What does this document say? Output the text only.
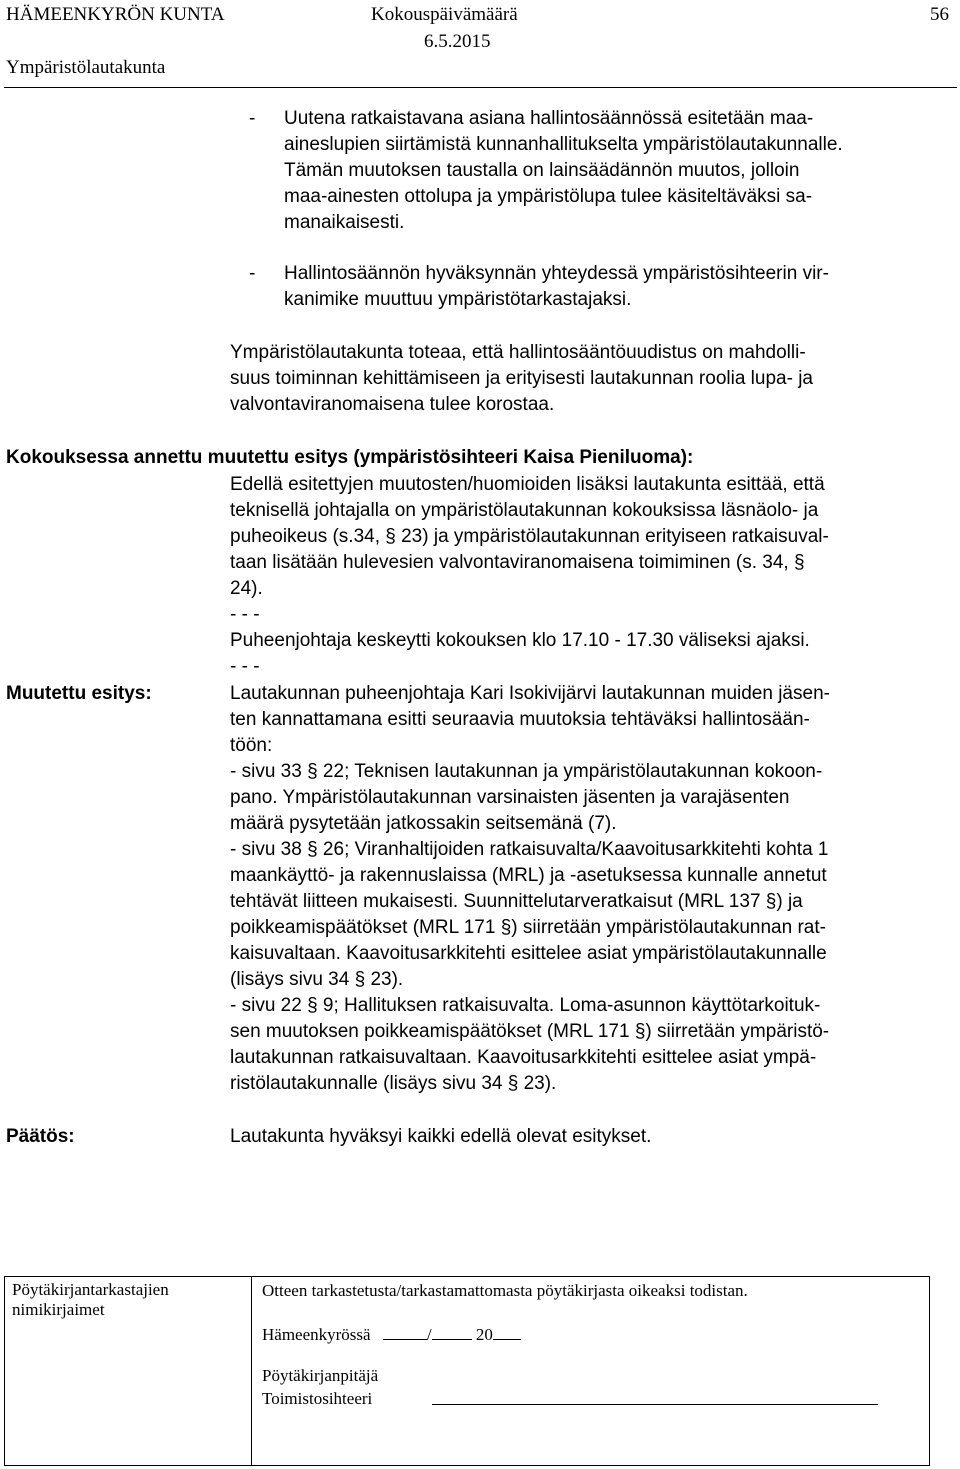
HÄMEENKYRÖN KUNTA	Kokouspäivämäärä	56
6.5.2015
Ympäristölautakunta
- Uutena ratkaistavana asiana hallintosäännössä esitetään maa-
aineslupien siirtämistä kunnanhallitukselta ympäristölautakunnalle.
Tämän muutoksen taustalla on lainsäädännön muutos, jolloin
maa-ainesten ottolupa ja ympäristölupa tulee käsiteltäväksi sa-
manaikaisesti.
- Hallintosäännön hyväksynnän yhteydessä ympäristösihteerin vir-
kanimike muuttuu ympäristötarkastajaksi.
Ympäristölautakunta toteaa, että hallintosääntöuudistus on mahdolli-
suus toiminnan kehittämiseen ja erityisesti lautakunnan roolia lupa- ja
valvontaviranomaisena tulee korostaa.
Kokouksessa annettu muutettu esitys (ympäristösihteeri Kaisa Pieniluoma):
Edellä esitettyjen muutosten/huomioiden lisäksi lautakunta esittää, että
teknisellä johtajalla on ympäristölautakunnan kokouksissa läsnäolo- ja
puheoikeus (s.34, § 23) ja ympäristölautakunnan erityiseen ratkaisuval-
taan lisätään hulevesien valvontaviranomaisena toimiminen (s. 34, §
24).
- - -
Puheenjohtaja keskeytti kokouksen klo 17.10 - 17.30 väliseksi ajaksi.
- - -
Muutettu esitys:	Lautakunnan puheenjohtaja Kari Isokivijärvi lautakunnan muiden jäsen-
ten kannattamana esitti seuraavia muutoksia tehtäväksi hallintosään-
töön:
- sivu 33 § 22; Teknisen lautakunnan ja ympäristölautakunnan kokoon-
pano. Ympäristölautakunnan varsinaisten jäsenten ja varajäsenten
määrä pysytetään jatkossakin seitsemänä (7).
- sivu 38 § 26; Viranhaltijoiden ratkaisuvalta/Kaavoitusarkkitehti kohta 1
maankäyttö- ja rakennuslaissa (MRL) ja -asetuksessa kunnalle annetut
tehtävät liitteen mukaisesti. Suunnittelutarveratkaisut (MRL 137 §) ja
poikkeamispäätökset (MRL 171 §) siirretään ympäristölautakunnan rat-
kaisuvaltaan. Kaavoitusarkkitehti esittelee asiat ympäristölautakunnalle
(lisäys sivu 34 § 23).
- sivu 22 § 9; Hallituksen ratkaisuvalta. Loma-asunnon käyttötarkoituk-
sen muutoksen poikkeamispäätökset (MRL 171 §) siirretään ympäristö-
lautakunnan ratkaisuvaltaan. Kaavoitusarkkitehti esittelee asiat ympä-
ristölautakunnalle (lisäys sivu 34 § 23).
Päätös:	Lautakunta hyväksyi kaikki edellä olevat esitykset.
Pöytäkirjantarkastajien
nimikirjaimet
Otteen tarkastetusta/tarkastamattomasta pöytäkirjasta oikeaksi todistan.
Hämeenkyrössä	/	20
Pöytäkirjanpitäjä
Toimistosihteeri
